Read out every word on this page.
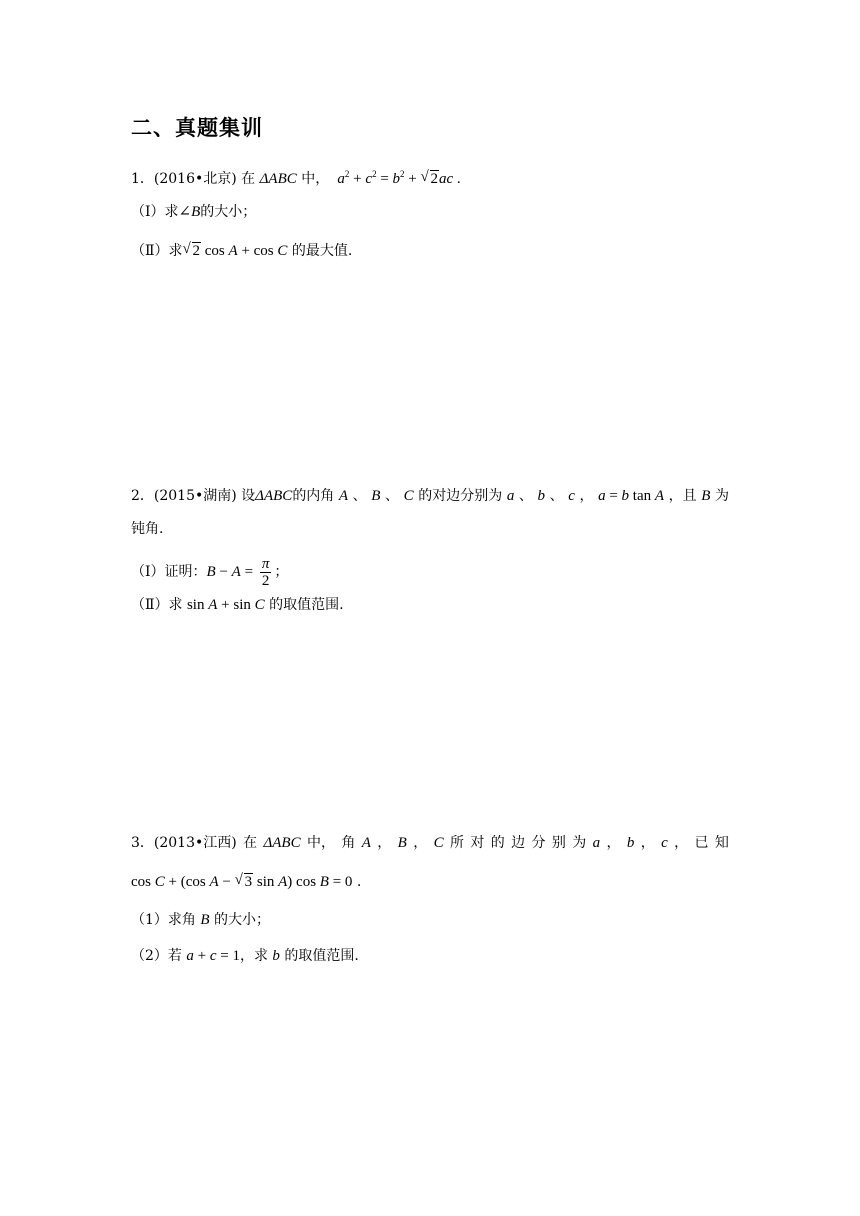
二、真题集训
1．(2016•北京) 在 ΔABC 中， $a^2 + c^2 = b^2$ + √ 2ac .
（Ⅰ）求∠B的大小；
（Ⅱ）求√ 2 cos A + cos C 的最大值.
2．(2015•湖南) 设ΔABC的内角 A 、 B 、 C 的对边分别为 a 、 b 、 c ， a = b tan A ，且 B 为
钝角.
（Ⅰ）证明：$B - A = \frac{\pi}{2}$ ；
（Ⅱ）求 sin A + sin C 的取值范围.
3．(2013•江西) 在 ΔABC 中， 角 A ， B ， C 所 对 的 边 分 别 为 a ， b ， c ， 已 知
cos C + (cos A − √ 3 sin A) cos B = 0 .
（1）求角 B 的大小；
（2）若 a + c = 1，求 b 的取值范围.
